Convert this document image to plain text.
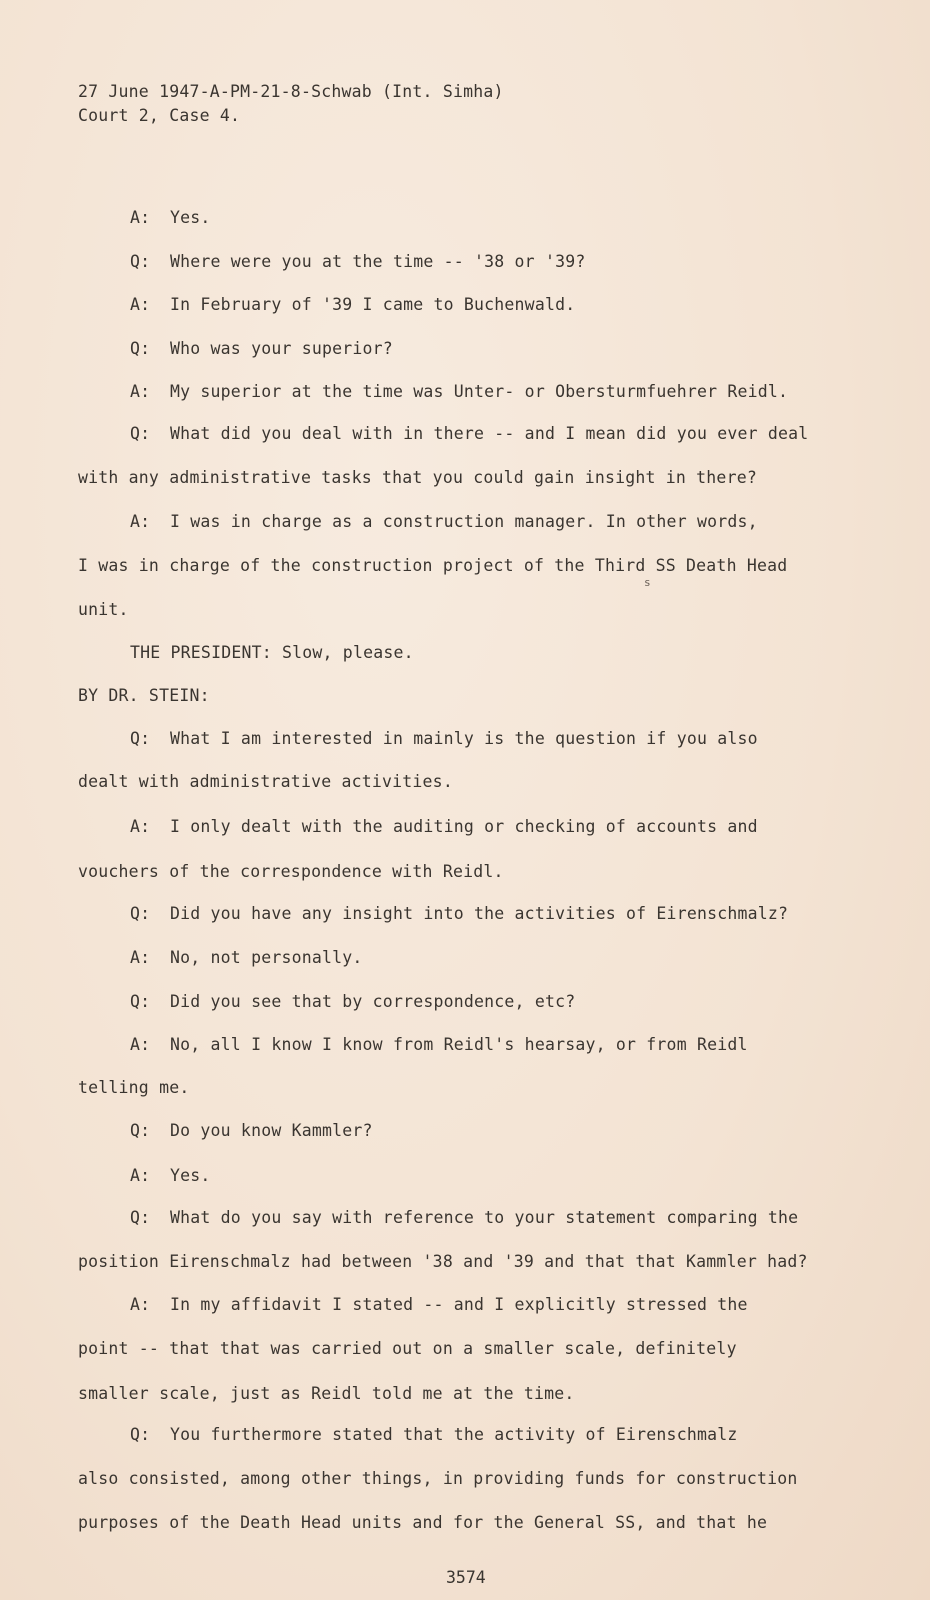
27 June 1947-A-PM-21-8-Schwab (Int. Simha)
Court 2, Case 4.
A: Yes.
Q: Where were you at the time -- '38 or '39?
A: In February of '39 I came to Buchenwald.
Q: Who was your superior?
A: My superior at the time was Unter- or Obersturmfuehrer Reidl.
Q: What did you deal with in there -- and I mean did you ever deal
with any administrative tasks that you could gain insight in there?
A: I was in charge as a construction manager. In other words,
I was in charge of the construction project of the Third SS Death Head
s
unit.
THE PRESIDENT: Slow, please.
BY DR. STEIN:
Q: What I am interested in mainly is the question if you also
dealt with administrative activities.
A: I only dealt with the auditing or checking of accounts and
vouchers of the correspondence with Reidl.
Q: Did you have any insight into the activities of Eirenschmalz?
A: No, not personally.
Q: Did you see that by correspondence, etc?
A: No, all I know I know from Reidl's hearsay, or from Reidl
telling me.
Q: Do you know Kammler?
A: Yes.
Q: What do you say with reference to your statement comparing the
position Eirenschmalz had between '38 and '39 and that that Kammler had?
A: In my affidavit I stated -- and I explicitly stressed the
point -- that that was carried out on a smaller scale, definitely
smaller scale, just as Reidl told me at the time.
Q: You furthermore stated that the activity of Eirenschmalz
also consisted, among other things, in providing funds for construction
purposes of the Death Head units and for the General SS, and that he
3574
